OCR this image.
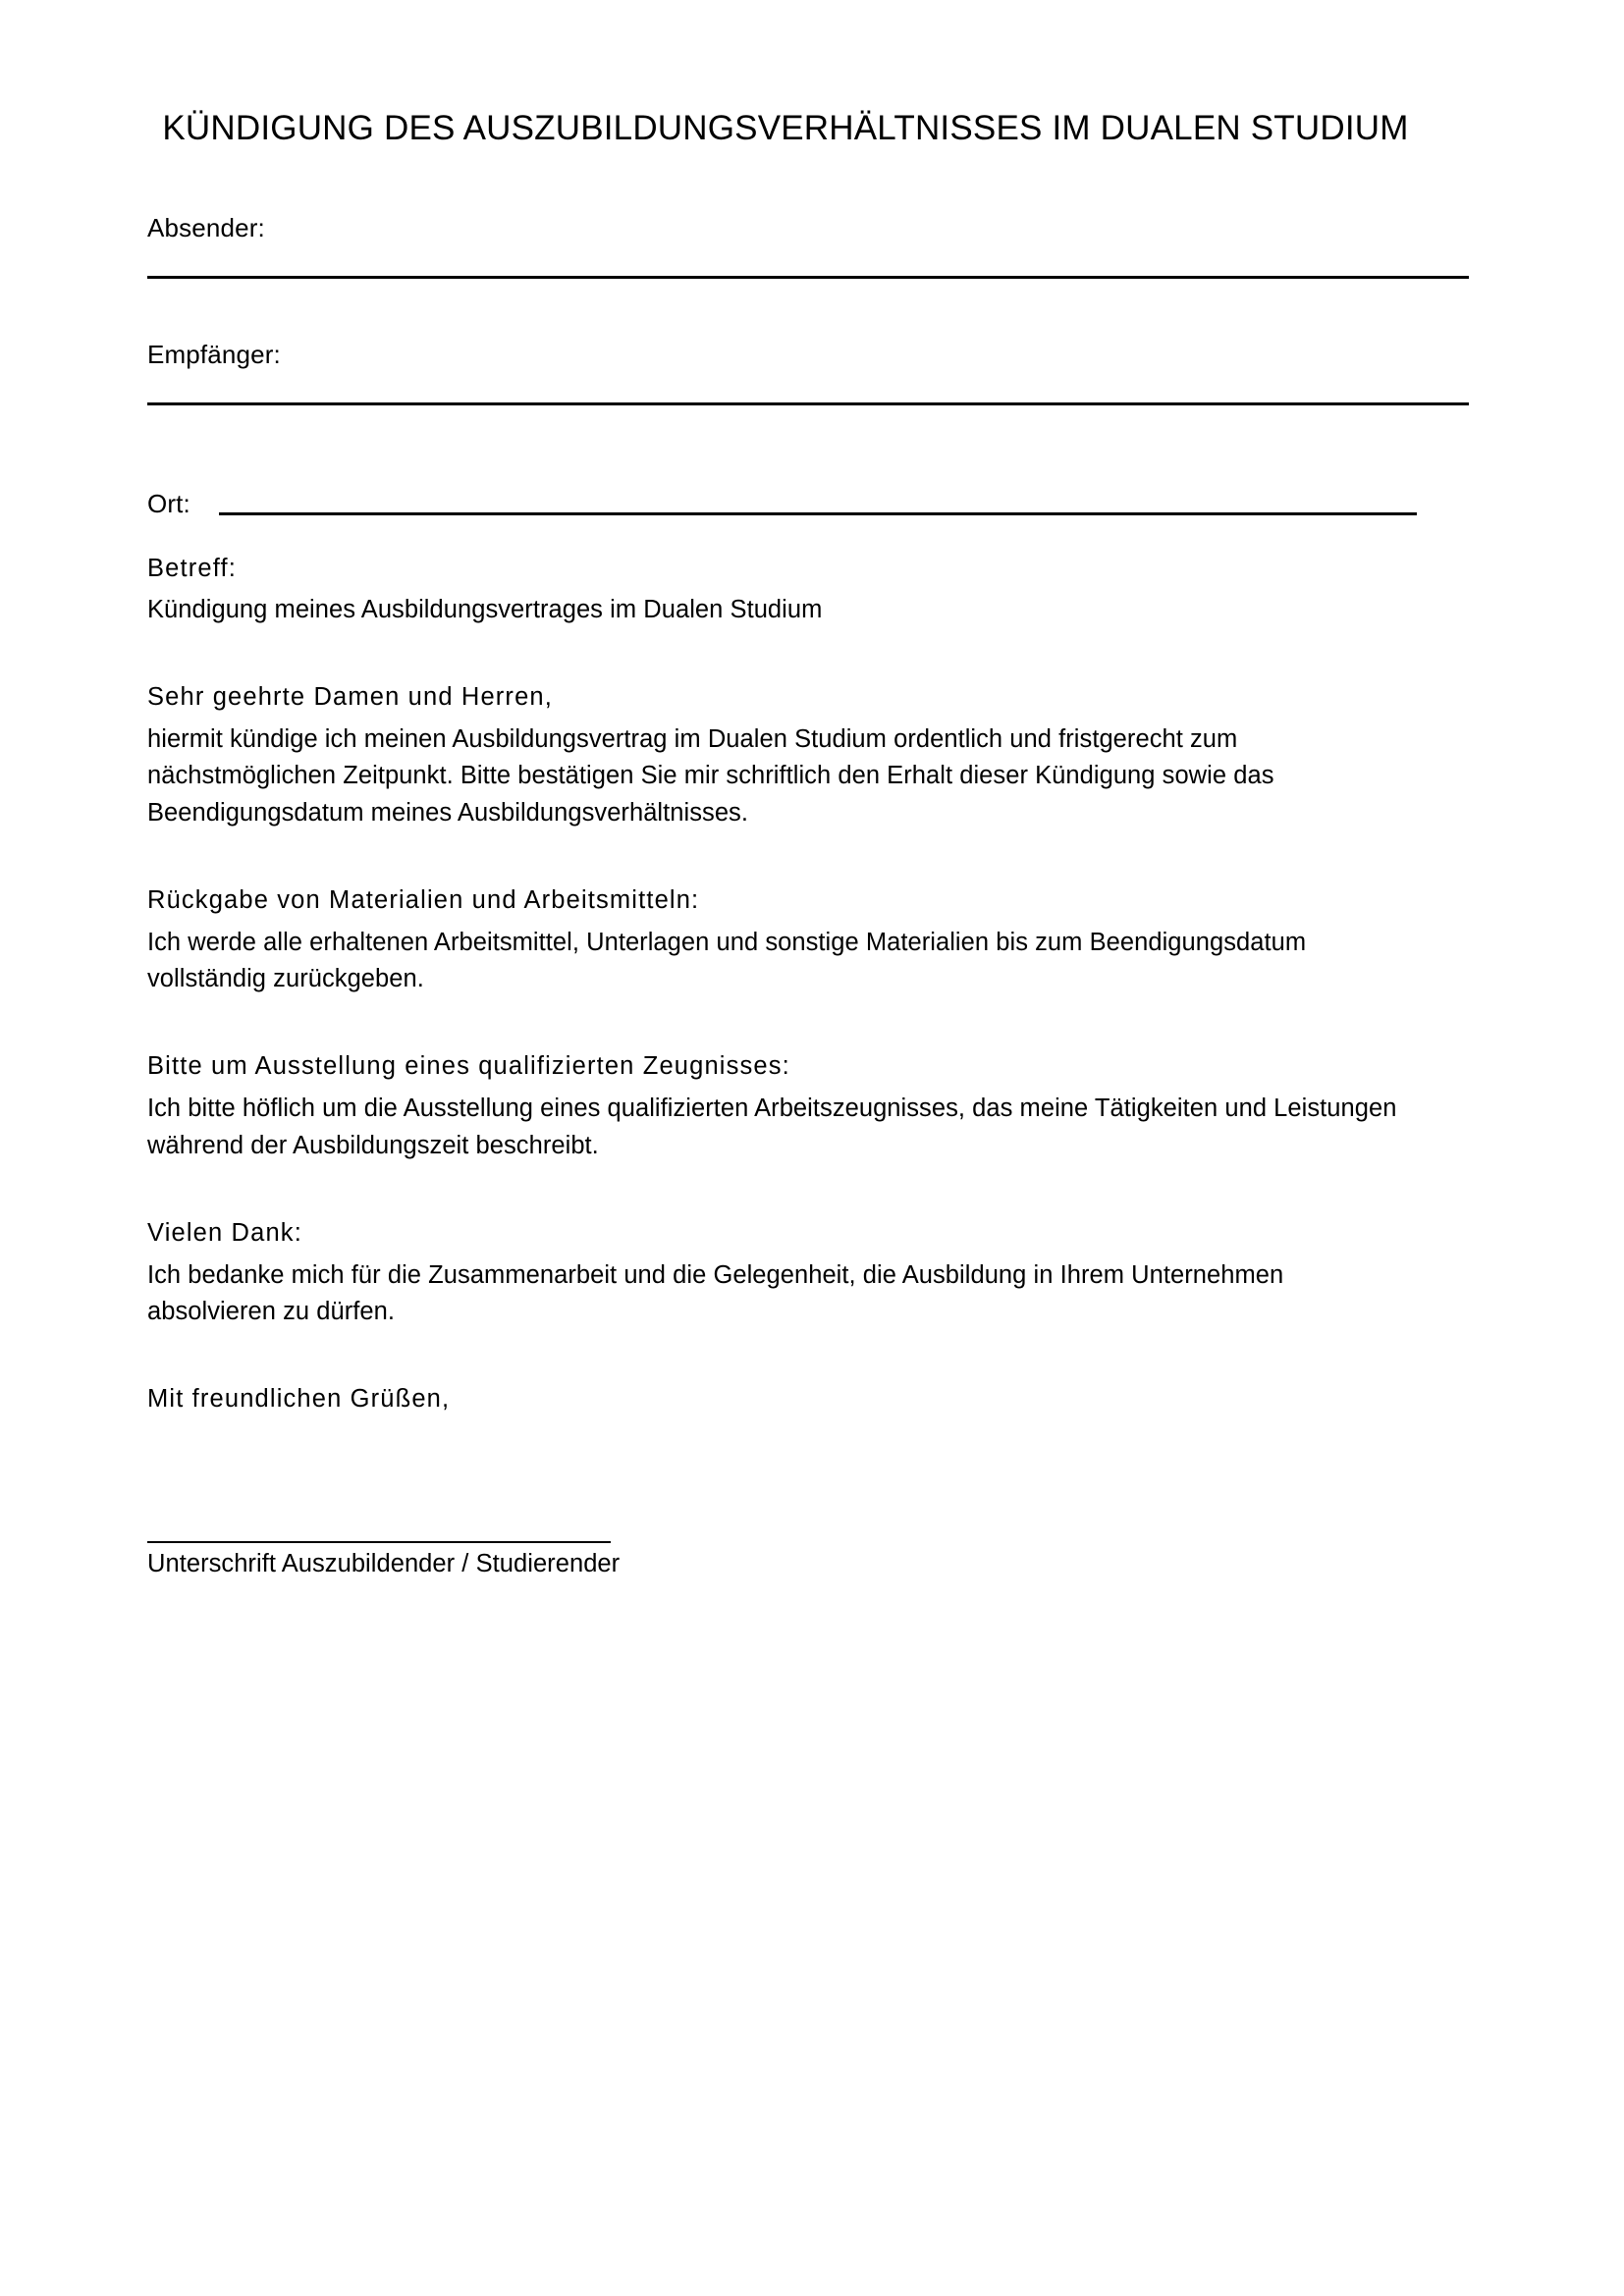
KÜNDIGUNG DES AUSZUBILDUNGSVERHÄLTNISSES IM DUALEN STUDIUM
Absender:
Empfänger:
Ort:

Betreff:

Kündigung meines Ausbildungsvertrages im Dualen Studium

Sehr geehrte Damen und Herren,

hiermit kündige ich meinen Ausbildungsvertrag im Dualen Studium ordentlich und fristgerecht zum nächstmöglichen Zeitpunkt. Bitte bestätigen Sie mir schriftlich den Erhalt dieser Kündigung sowie das Beendigungsdatum meines Ausbildungsverhältnisses.

Rückgabe von Materialien und Arbeitsmitteln:

Ich werde alle erhaltenen Arbeitsmittel, Unterlagen und sonstige Materialien bis zum Beendigungsdatum vollständig zurückgeben.

Bitte um Ausstellung eines qualifizierten Zeugnisses:

Ich bitte höflich um die Ausstellung eines qualifizierten Arbeitszeugnisses, das meine Tätigkeiten und Leistungen während der Ausbildungszeit beschreibt.

Vielen Dank:

Ich bedanke mich für die Zusammenarbeit und die Gelegenheit, die Ausbildung in Ihrem Unternehmen absolvieren zu dürfen.

Mit freundlichen Grüßen,

Unterschrift Auszubildender / Studierender
